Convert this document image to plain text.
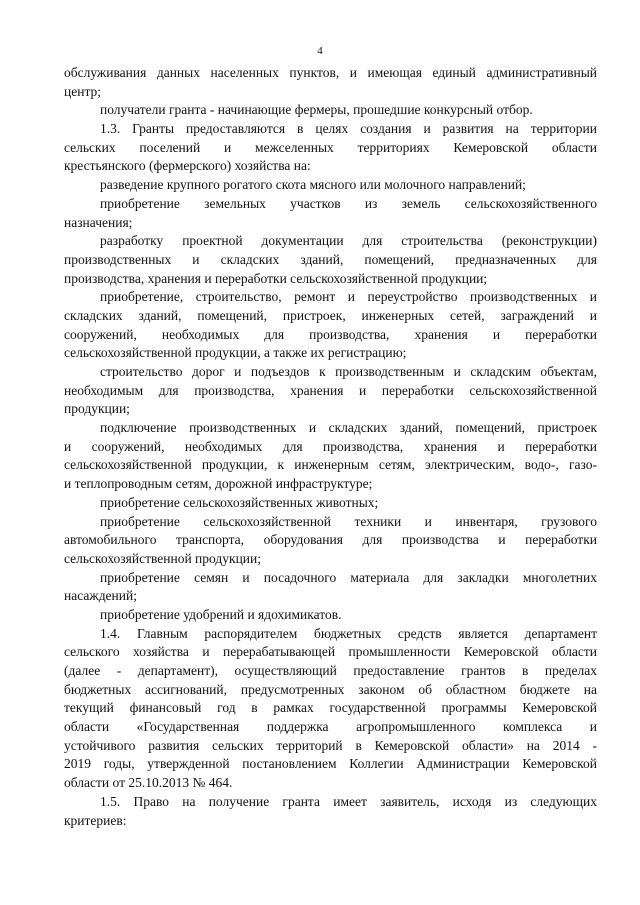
4
обслуживания данных населенных пунктов, и имеющая единый административный
центр;
получатели гранта - начинающие фермеры, прошедшие конкурсный отбор.
1.3. Гранты предоставляются в целях создания и развития на территории
сельских поселений и межселенных территориях Кемеровской области
крестьянского (фермерского) хозяйства на:
разведение крупного рогатого скота мясного или молочного направлений;
приобретение земельных участков из земель сельскохозяйственного
назначения;
разработку проектной документации для строительства (реконструкции)
производственных и складских зданий, помещений, предназначенных для
производства, хранения и переработки сельскохозяйственной продукции;
приобретение, строительство, ремонт и переустройство производственных и
складских зданий, помещений, пристроек, инженерных сетей, заграждений и
сооружений, необходимых для производства, хранения и переработки
сельскохозяйственной продукции, а также их регистрацию;
строительство дорог и подъездов к производственным и складским объектам,
необходимым для производства, хранения и переработки сельскохозяйственной
продукции;
подключение производственных и складских зданий, помещений, пристроек
и сооружений, необходимых для производства, хранения и переработки
сельскохозяйственной продукции, к инженерным сетям, электрическим, водо-, газо-
и теплопроводным сетям, дорожной инфраструктуре;
приобретение сельскохозяйственных животных;
приобретение сельскохозяйственной техники и инвентаря, грузового
автомобильного транспорта, оборудования для производства и переработки
сельскохозяйственной продукции;
приобретение семян и посадочного материала для закладки многолетних
насаждений;
приобретение удобрений и ядохимикатов.
1.4. Главным распорядителем бюджетных средств является департамент
сельского хозяйства и перерабатывающей промышленности Кемеровской области
(далее - департамент), осуществляющий предоставление грантов в пределах
бюджетных ассигнований, предусмотренных законом об областном бюджете на
текущий финансовый год в рамках государственной программы Кемеровской
области «Государственная поддержка агропромышленного комплекса и
устойчивого развития сельских территорий в Кемеровской области» на 2014 -
2019 годы, утвержденной постановлением Коллегии Администрации Кемеровской
области от 25.10.2013 № 464.
1.5. Право на получение гранта имеет заявитель, исходя из следующих
критериев:
